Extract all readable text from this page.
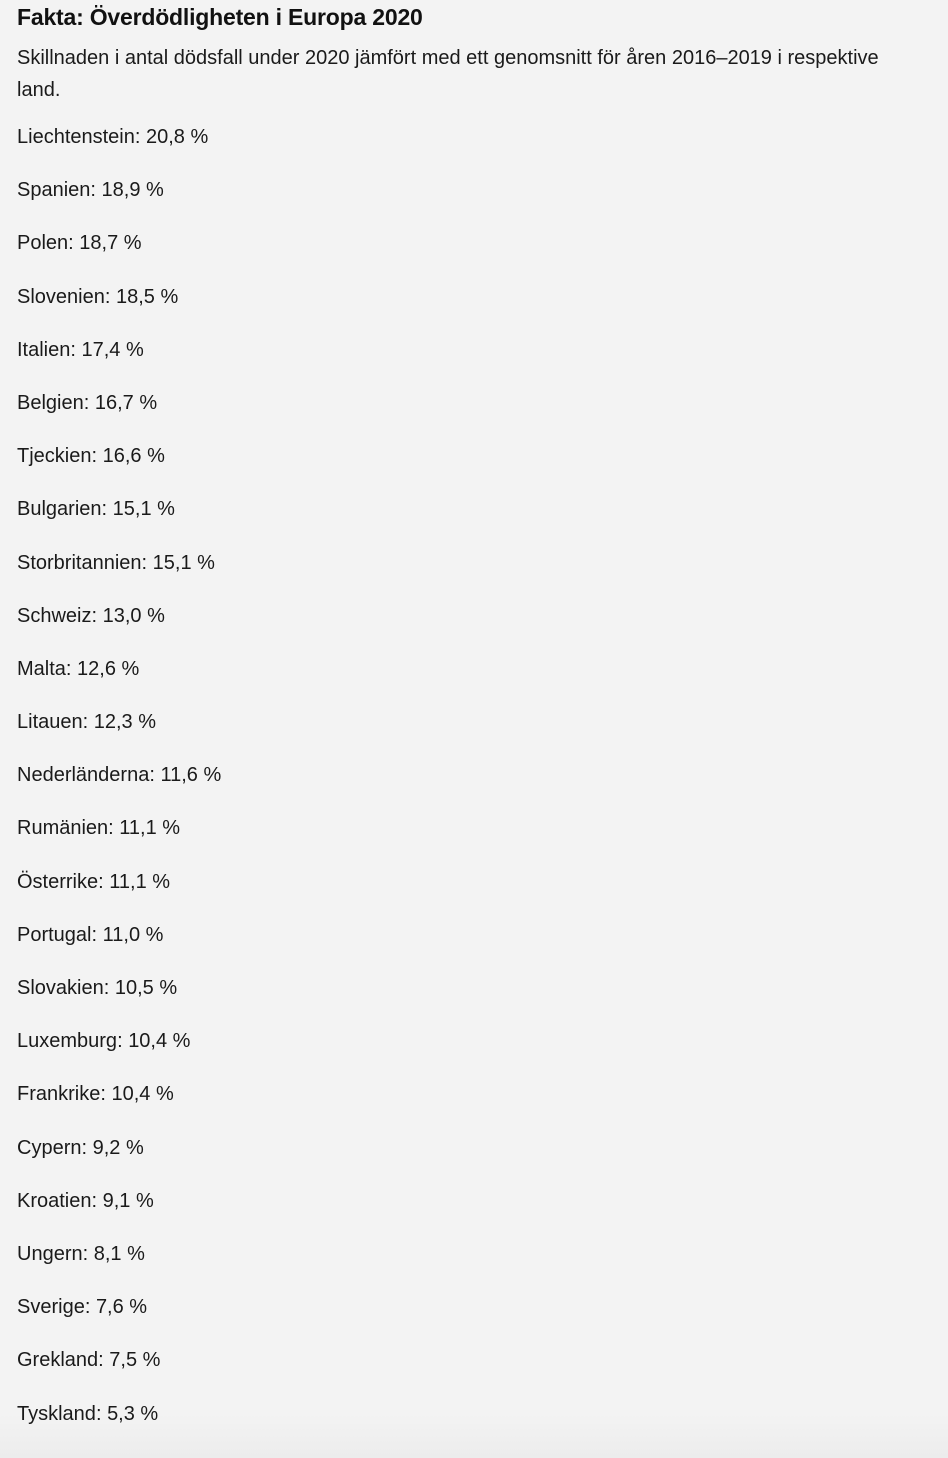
Fakta: Överdödligheten i Europa 2020

Skillnaden i antal dödsfall under 2020 jämfört med ett genomsnitt för åren 2016–2019 i respektive land.

Liechtenstein: 20,8 %
Spanien: 18,9 %
Polen: 18,7 %
Slovenien: 18,5 %
Italien: 17,4 %
Belgien: 16,7 %
Tjeckien: 16,6 %
Bulgarien: 15,1 %
Storbritannien: 15,1 %
Schweiz: 13,0 %
Malta: 12,6 %
Litauen: 12,3 %
Nederländerna: 11,6 %
Rumänien: 11,1 %
Österrike: 11,1 %
Portugal: 11,0 %
Slovakien: 10,5 %
Luxemburg: 10,4 %
Frankrike: 10,4 %
Cypern: 9,2 %
Kroatien: 9,1 %
Ungern: 8,1 %
Sverige: 7,6 %
Grekland: 7,5 %
Tyskland: 5,3 %
